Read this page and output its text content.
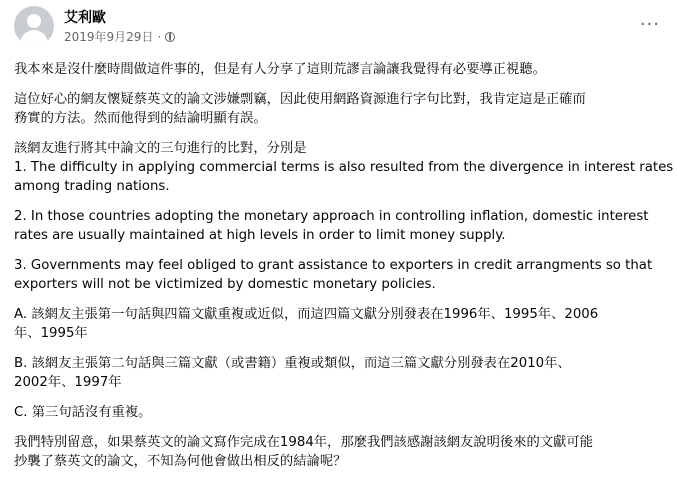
艾利歐
2019年9月29日 ·
···

我本來是沒什麼時間做這件事的，但是有人分享了這則荒謬言論讓我覺得有必要導正視聽。

這位好心的網友懷疑蔡英文的論文涉嫌剽竊，因此使用網路資源進行字句比對，我肯定這是正確而
務實的方法。然而他得到的結論明顯有誤。

該網友進行將其中論文的三句進行的比對，分別是
1. The difficulty in applying commercial terms is also resulted from the divergence in interest rates
among trading nations.

2. In those countries adopting the monetary approach in controlling inflation, domestic interest
rates are usually maintained at high levels in order to limit money supply.

3. Governments may feel obliged to grant assistance to exporters in credit arrangments so that
exporters will not be victimized by domestic monetary policies.

A. 該網友主張第一句話與四篇文獻重複或近似，而這四篇文獻分別發表在1996年、1995年、2006
年、1995年

B. 該網友主張第二句話與三篇文獻（或書籍）重複或類似，而這三篇文獻分別發表在2010年、
2002年、1997年

C. 第三句話沒有重複。

我們特別留意，如果蔡英文的論文寫作完成在1984年，那麼我們該感謝該網友說明後來的文獻可能
抄襲了蔡英文的論文，不知為何他會做出相反的結論呢？
